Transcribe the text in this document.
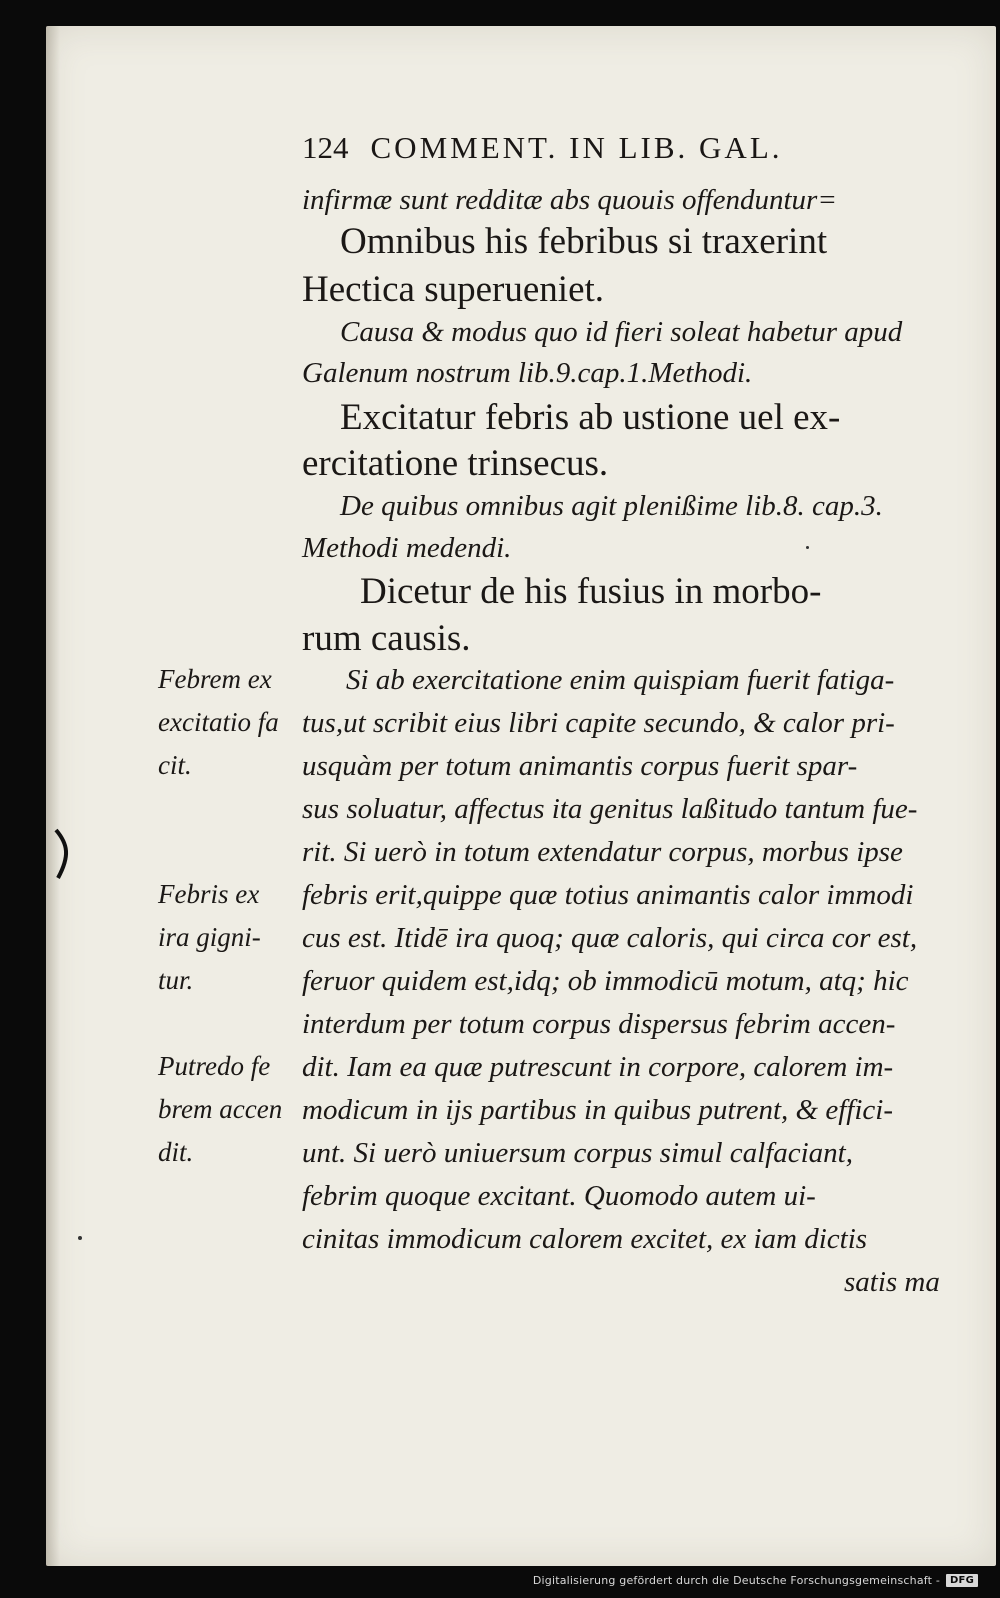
124 COMMENT. IN LIB. GAL.
infirmæ sunt redditæ abs quouis offenduntur=
Omnibus his febribus si traxerint
Hectica superueniet.
Causa & modus quo id fieri soleat habetur apud
Galenum nostrum lib.9.cap.1.Methodi.
Excitatur febris ab ustione uel ex-
ercitatione trinsecus.
De quibus omnibus agit plenißime lib.8. cap.3.
Methodi medendi.
Dicetur de his fusius in morbo-
rum causis.
Si ab exercitatione enim quispiam fuerit fatiga-
tus,ut scribit eius libri capite secundo, & calor pri-
usquàm per totum animantis corpus fuerit spar-
sus soluatur, affectus ita genitus laßitudo tantum fue-
rit. Si uerò in totum extendatur corpus, morbus ipse
febris erit,quippe quæ totius animantis calor immodi
cus est. Itidē ira quoq; quæ caloris, qui circa cor est,
feruor quidem est,idq; ob immodicū motum, atq; hic
interdum per totum corpus dispersus febrim accen-
dit. Iam ea quæ putrescunt in corpore, calorem im-
modicum in ijs partibus in quibus putrent, & effici-
unt. Si uerò uniuersum corpus simul calfaciant,
febrim quoque excitant. Quomodo autem ui-
cinitas immodicum calorem excitet, ex iam dictis
satis ma
Febrem ex
excitatio fa
cit.
Febris ex
ira gigni-
tur.
Putredo fe
brem accen
dit.
Digitalisierung gefördert durch die Deutsche Forschungsgemeinschaft -	DFG
